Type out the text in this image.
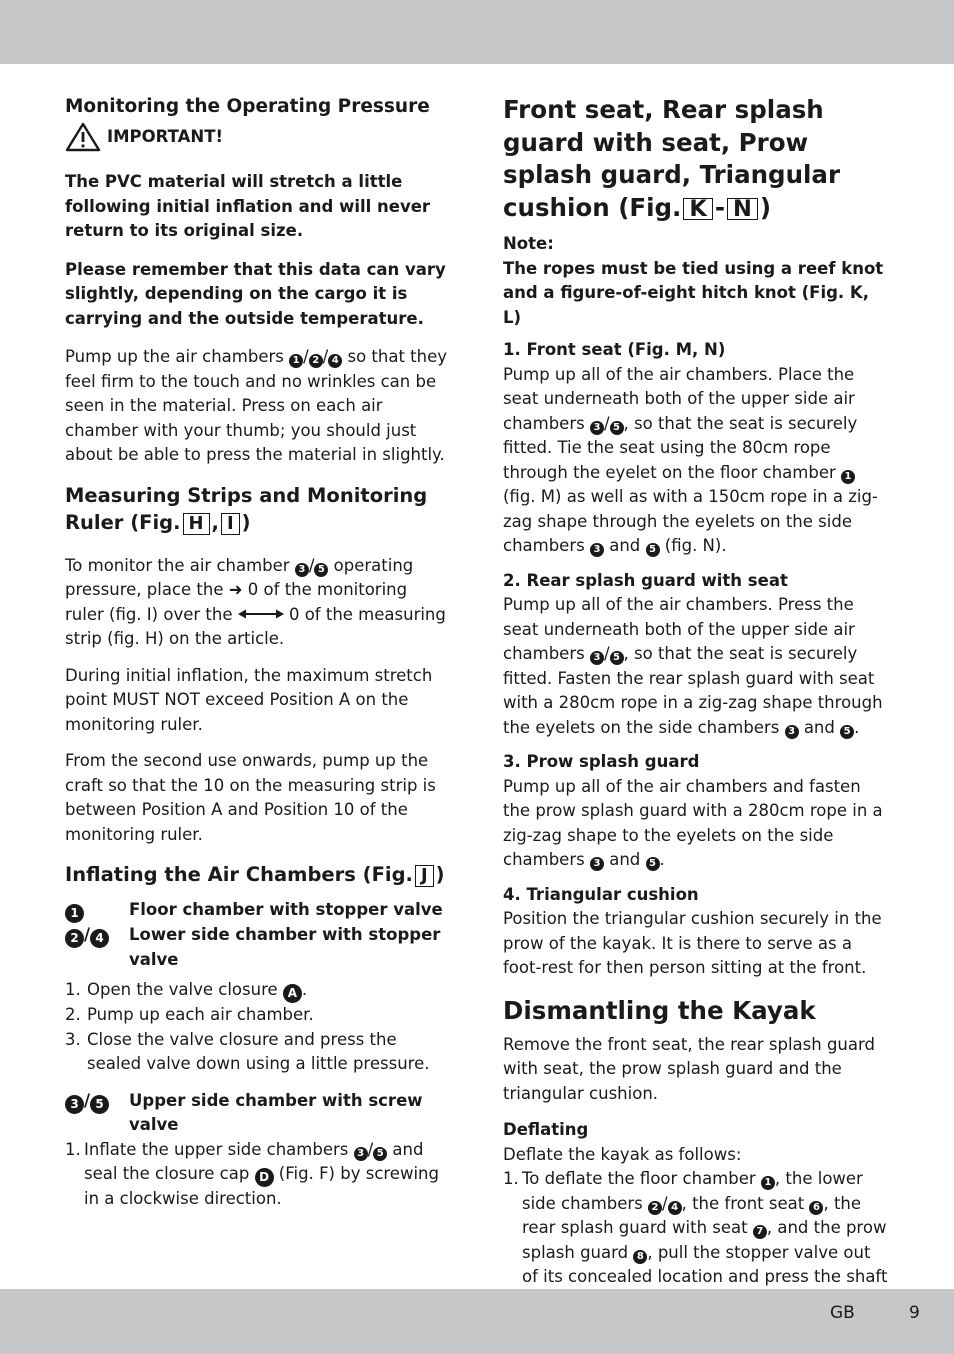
Monitoring the Operating Pressure
IMPORTANT!

The PVC material will stretch a little following initial inflation and will never return to its original size.

Please remember that this data can vary slightly, depending on the cargo it is carrying and the outside temperature.

Pump up the air chambers 1 / 2 / 4 so that they feel firm to the touch and no wrinkles can be seen in the material. Press on each air chamber with your thumb; you should just about be able to press the material in slightly.

Measuring Strips and Monitoring Ruler (Fig. H , I )

To monitor the air chamber 3 / 5 operating pressure, place the ➜ 0 of the monitoring ruler (fig. I) over the	0 of the measuring strip (fig. H) on the article.

During initial inflation, the maximum stretch point MUST NOT exceed Position A on the monitoring ruler.

From the second use onwards, pump up the craft so that the 10 on the measuring strip is between Position A and Position 10 of the monitoring ruler.

Inflating the Air Chambers (Fig. J )

1	Floor chamber with stopper valve
2 / 4	Lower side chamber with stopper valve
1. Open the valve closure A .
2. Pump up each air chamber.
3. Close the valve closure and press the sealed valve down using a little pressure.
3 / 5	Upper side chamber with screw valve
1. Inflate the upper side chambers 3 / 5 and seal the closure cap D (Fig. F) by screwing in a clockwise direction.

Front seat, Rear splash guard with seat, Prow splash guard, Triangular cushion (Fig. K - N )

Note:

The ropes must be tied using a reef knot and a figure-of-eight hitch knot (Fig. K, L)

1. Front seat (Fig. M, N)

Pump up all of the air chambers. Place the seat underneath both of the upper side air chambers 3 / 5 , so that the seat is securely fitted. Tie the seat using the 80cm rope through the eyelet on the floor chamber 1 (fig. M) as well as with a 150cm rope in a zig-zag shape through the eyelets on the side chambers 3 and 5 (fig. N).

2. Rear splash guard with seat

Pump up all of the air chambers. Press the seat underneath both of the upper side air chambers 3 / 5 , so that the seat is securely fitted. Fasten the rear splash guard with seat with a 280cm rope in a zig-zag shape through the eyelets on the side chambers 3 and 5 .

3. Prow splash guard

Pump up all of the air chambers and fasten the prow splash guard with a 280cm rope in a zig-zag shape to the eyelets on the side chambers 3 and 5 .

4. Triangular cushion

Position the triangular cushion securely in the prow of the kayak. It is there to serve as a foot-rest for then person sitting at the front.

Dismantling the Kayak

Remove the front seat, the rear splash guard with seat, the prow splash guard and the triangular cushion.

Deflating

Deflate the kayak as follows:

1. To deflate the floor chamber 1 , the lower side chambers 2 / 4 , the front seat 6 , the rear splash guard with seat 7 , and the prow splash guard 8 , pull the stopper valve out of its concealed location and press the shaft
GB	9
